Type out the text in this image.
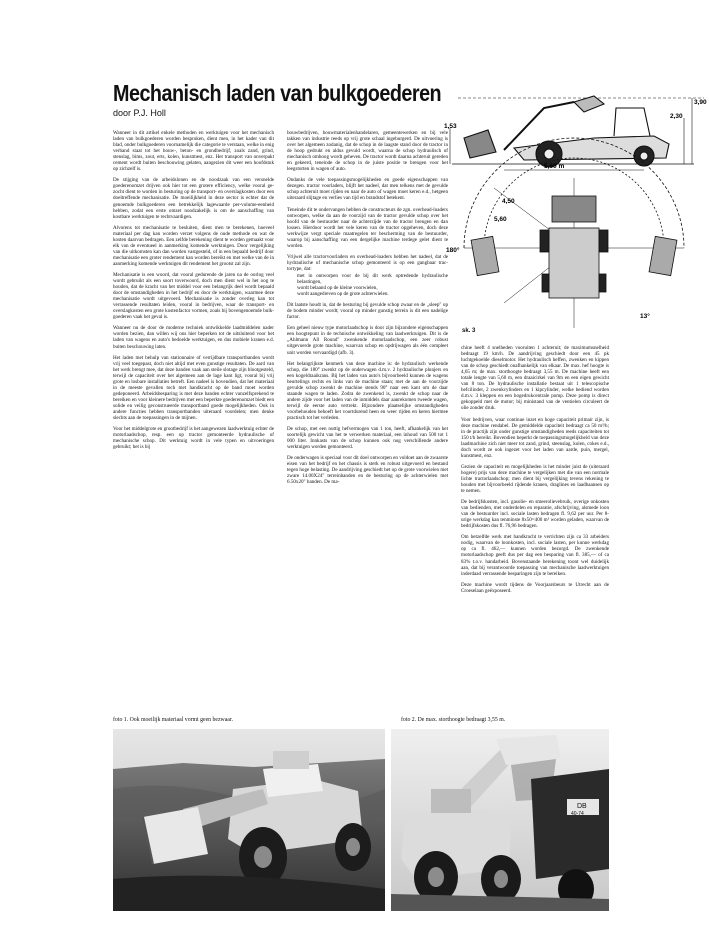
Mechanisch laden van bulkgoederen
door P.J. Holl

Wanneer in dit artikel enkele methoden en werktuigen voor het mechanisch laden van bulkgoederen worden besproken, dient men, in het kader van dit blad, onder bulkgoederen voornamelijk die categorie te verstaan, welke in enig verband staat tot het bouw-, beton- en grondbedrijf, zoals zand, grind, stenslag, bims, zout, erts, kolen, kunstmest, enz. Het transport van onverpakt cement wordt buiten beschouwing gelaten, aangezien dit weer een hoofdstuk op zichzelf is.

De stijging van de arbeidslonen en de noodzaak van een versnelde goederenomzet drijven ook hier tot een grotere efficiency, welke vooral gezocht dient te worden in besturing op de transport- en overslagkosten door een doeltreffende mechanisatie. De moeilijkheid in deze sector is echter dat de genoemde bulkgoederen een betrekkelijk lagewaarde per-volume-eenheid hebben, zodat een erste omzet noodzakelijk is om de aanschaffing van kostbare werktuigen te rechtvaardigen.

Alvorens tot mechanisatie te besluiten, dient men te berekenen, hoeveel materiaal per dag kan worden verzet volgens de oude methode en wat de kosten daarvan bedragen. Een zelfde berekening dient te worden gemaakt voor elk van de eventueel in aanmerking komende werktuigen. Door vergelijking van die uitkomsten kan dan worden vastgesteld, of in een bepaald bedrijf door mechanisatie een groter rendement kan worden bereikt en met welke van de in aanmerking komende werktuigen dit rendement het grootst zal zijn.

Mechanisatie is een woord, dat vooral gedurende de jaren na de oorlog veel wordt gebruikt als een soort toverwoord, doch men dient wel in het oog te houden, dat de kracht van het middel voor een belangrijk deel wordt bepaald door de omstandigheden in het bedrijf en door de werktuigen, waarmee deze mechanisatie wordt uitgevoerd. Mechanisatie is zonder overleg kan tot verrassende resultaten leiden, vooral in bedrijven, waar de transport- en overslagkosten een grote kostenfactor vormen, zoals bij bovengenoemde bulkgoederen vaak het geval is.

Wanneer nu de door de moderne techniek ontwikkelde laadmiddelen nader worden bezien, dan willen wij ons hier beperken tot de uitsluitend voor het laden van wagens en auto's bedoelde werktuigen, en dus mobiele kranen e.d. buiten beschouwing laten.

Het laden met behulp van stationnaire of verrijdbare transportbanden wordt vrij veel toegepast, doch niet altijd met even gunstige resultaten. De aard van het werk brengt mee, dat deze banden vaak aan steile slotage zijn blootgesteld, terwijl de capaciteit over het algemeen aan de lage kant ligt, vooral bij vrij grote en losbare installaties betreft. Een nadeel is bovendien, dat het materiaal in de meeste gevallen toch met handkracht op de band moet worden gedeponeerd. Arbeidsbesparing is met deze banden echter vanzelfsprekend te bereiken en voor kleinere bedrijven met een beperkte goederenomzet biedt een solide en veilig geconstrueerde transportband goede mogelijkheden. Ook in andere functies hebben transportbanden uiteraard voordelen; men denke slechts aan de toepassingen in de mijnen.

Voor het middelgrote en grootbedrijf is het aangewezen laadwerktuig echter de motorlaadschop, resp. een op tractor gemonteerde hydraulische of mechanische schop. Dit werktuig wordt in vele typen en uitvoeringen gebruikt; het is bij

bouwbedrijven, bouwmaterialenhandelaren, gemeentewerken en bij vele takken van industrie reeds op vrij grote schaal ingeburgerd. De uitvoering is over het algemeen zodanig, dat de schop in de laagste stand door de tractor in de hoop gedrukt en aldus gevuld wordt, waarna de schop hydraulisch of mechanisch omhoog wordt geheven. De tractor wordt daarna achteruit gereden en gekeerd, teneinde de schop in de juiste positie te brengen voor het leegstorten in wagen of auto.

Ondanks de vele toepassingsmogelijkheden en goede eigenschappen van dezegen. tractor voorladers, blijft het nadeel, dat men telkens met de gevulde schop achteruit moet rijden en naar de auto of wagen moet keren e.d., hetgeen uiteraard slijtage en verlies van tijd en brandstof betekent.

Teneinde dit te ondervangen hebben de constructeurs de zgn. overhead-loaders ontworpen, welke da aan de voorzijd van de tractor gevulde schop over het hoofd van de bestuurder naar de achterzijde van de tractor brengen en dan lossen. Hierdoor wordt het vele keren van de tractor opgeheven, doch deze werkwijze vergt speciale maatregelen ter bescherming van de bestuurder, waarop bij aanschaffing van een dergelijke machine terdege gelet dient te worden.

Vrijwel alle tractorvoorladers en overhead-loaders hebben het nadeel, dat de hydraulische of mechanische schop gemonteerd is op een gangbaar tractortype, dat:

met in ontworpen voor de bij dit werk optredende hydraulische belastingen,

wordt belaand op de kleine voorwielen,

wordt aangedreven op de grote achterwielen.

Dit laatste houdt in, dat de besturing bij gevulde schop zwaar en de „sleep" op de bodem minder wordt; vooral op minder gunstig terrein is dit een nadelige factor.

Een geheel nieuw type motorlaadschop is door zijn bijzondere eigenschappen een hoogtepunt in de technische ontwikkeling van laadwerktuigen. Dit is de „Ahlmann All Round" zwenkende motorlaadschop, een zeer robust uitgevoerde grote machine, waarvan schop en opdrijwagen als één compleet unit worden vervaardigd (afb. 3).

Het belangrijkste kenmerk van deze machine is: de hydraulisch werkende schop, die 180° zwenkt op de onderwagen d.m.v. 2 hydraulische plunjers en een kogeldraaikrans. Bij het laden van auto's bijvoorbeeld kunnen de wagens beurtelings rechts en links van de machine staan; met de aan de voorzijde gevulde schop zwenkt de machine stends 90° naar een kant om de daar staande wagen te laden. Zodra de zwenkend is, zwenkt de schop naar de andere zijde voor het laden van de inmiddels daar aanrekomen tweede wagen, terwijl de eerste auto vertrekt. Bijzondere plaatselijke omstandigheden voorbehouden behoeft het voortdurend heen en weer rijden en keren hiermee practisch tot het verleden.

De schop, met een nuttig hefvermogen van 1 ton, heeft, afhankelijk van het soortelijk gewicht van het te verwerken materiaal, een inhoud van 500 tot 1 000 liter. Innkasts van de schop kunnen ook nog verschillende andere werktuigen worden gemonteerd.

De onderwagen is speciaal voor dit doel ontworpen en voldoet aan de zwaarste eisen van het bedrijf en het chassis is sterk en robust uitgevoerd en bestand tegen hoge belasting. De aandrijving geschiedt het op de grote voorwielen met zware 14.00X24" terreinbanden en de besturing op de achterwielen met 6.50x20" banden. De ma-

3,90
2,30
1,53
5,60 m
4,50
5,60
180°
13°
sk. 3

chine heeft 4 snelheden vooruiten 1 achteruit; de maximumsnelheid bedraagt 19 km/h. De aandrijving geschiedt door een 45 pk luchtgekoelde dieselmotor. Het hydraulisch heffen, zwenken en kippen van de schop geschiedt onafhankelijk van elkaar. De max. hef hoogte is 4,65 m; de max. storthoogte bedraagt 3,55 m. De machine heeft een totale lengte van 5,60 m, een draaicirkel van 9m en een eigen gewicht van 8 ton. De hydraulische installatie bestaat uit 1 telescopische hefcilinder, 2 zwenkcylinders en 1 kipcylinder, welke bediend worden d.m.v. 3 kleppen en een hogedrukcentrale pomp. Deze pomp is direct gekoppeld met de motor; bij ministand van de ventielen circuleert de olie zonder druk.

Voor bedrijven, waar continue inzet en hoge capaciteit primair zijn, is deze machine rendabel. De gemiddelde capaciteit bedraagt ca 50 m³/h; in de practijk zijn onder gunstige omstandigheden reeds capaciteiten tot 150 t/h bereikt. Bovendien beperkt de toepassingsmogelijkheid van deze laadmachine zich niet meer tot zand, grind, steenslag, kolen, cokes e.d., doch wordt ze ook ingezet voor het laden van aarde, puin, mergel, kunstmest, enz.

Gezien de capaciteit en mogelijkheden is het minder juist de (uiteraard hogere) prijs van deze machine te vergelijken met die van een normale lichte tractorlaadschop; men dient bij vergelijking tevens rekening te houden met bijvoorbeeld rijdende kranen, draglines en laadbaansen op te nemen.

De bedrijfskosten, incl. gasolie- en smeerolievebruik, overige onkosten van bedienden, met onderdelen en reparatie, afschrijving, alsmede loon van de bestuurder incl. sociale lasten bedragen fl. 9,62 per uur. Per 8-urige werkdag kan tenminste 8x50=400 m³ worden geladen, waarvan de bedrijfskosten dus fl. 76,96 bedragen.

Om hetzelfde werk met handkracht te verrichten zijn ca 33 arbeiders nodig, waarvan de loonkosten, incl. sociale lasten, per kunne werkdag op ca fl. 462,— kunnen worden bezorgd. De zwenkende motorlaadschop geeft dus per dag een besparing van fl. 385,— of ca 83% t.o.v. handarbeid. Bovenstaande berekening toont wel duidelijk aan, dat bij verantwoorde toepassing van mechanische laadwerktuigen inderdaad verrassende besparingen zijn te bereiken.

Deze machine wordt tijdens de Voorjaarsbeurs te Utrecht aan de Croeselaan geëxposeerd.

foto 1. Ook moeilijk materiaal vormt geen bezwaar.	foto 2. De max. storthoogte bedraagt 3,55 m.
DB
40-74
